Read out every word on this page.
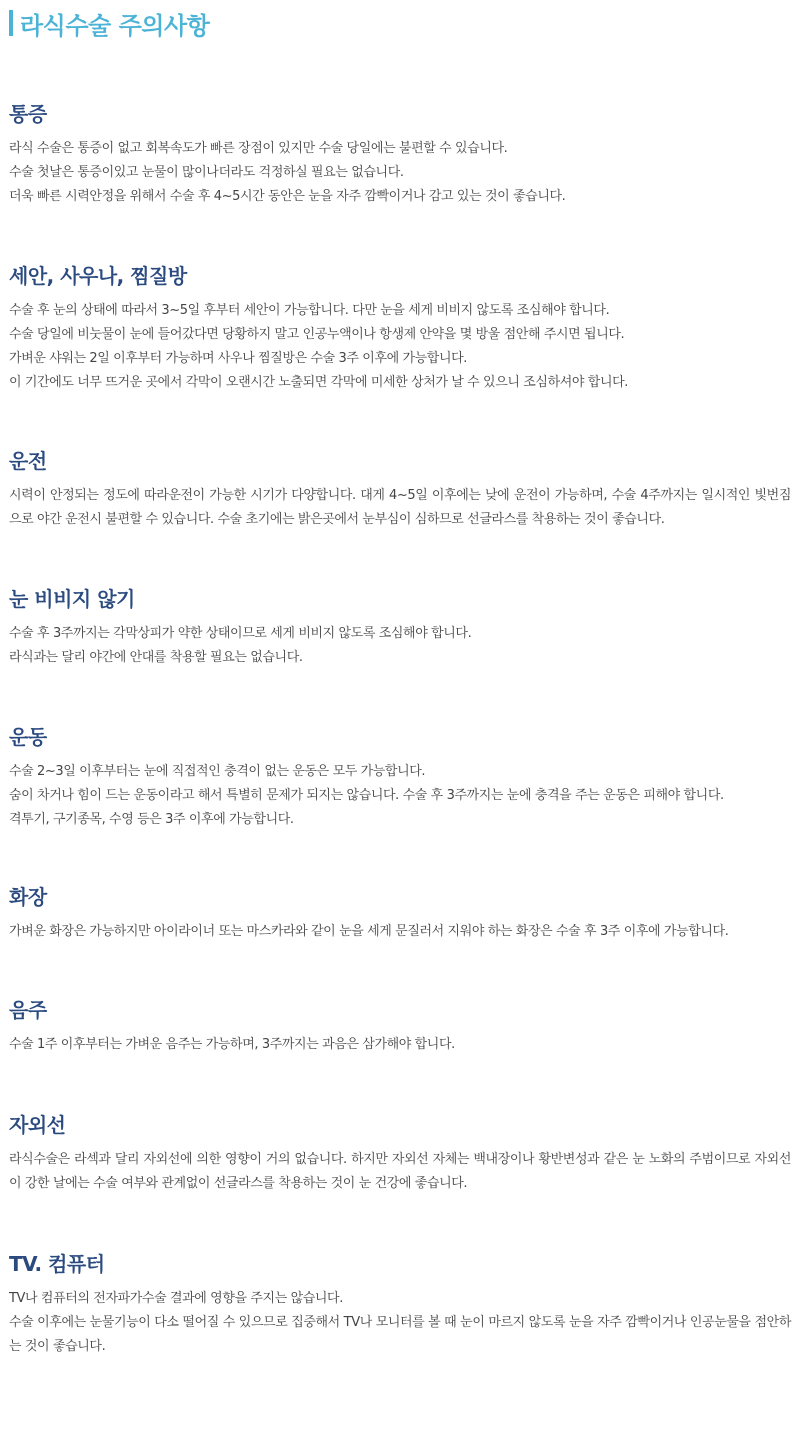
라식수술 주의사항
통증

라식 수술은 통증이 없고 회복속도가 빠른 장점이 있지만 수술 당일에는 불편할 수 있습니다.

수술 첫날은 통증이있고 눈물이 많이나더라도 걱정하실 필요는 없습니다.

더욱 빠른 시력안정을 위해서 수술 후 4~5시간 동안은 눈을 자주 깜빡이거나 감고 있는 것이 좋습니다.

세안, 사우나, 찜질방

수술 후 눈의 상태에 따라서 3~5일 후부터 세안이 가능합니다. 다만 눈을 세게 비비지 않도록 조심해야 합니다.

수술 당일에 비눗물이 눈에 들어갔다면 당황하지 말고 인공누액이나 항생제 안약을 몇 방울 점안해 주시면 됩니다.

가벼운 샤워는 2일 이후부터 가능하며 사우나 찜질방은 수술 3주 이후에 가능합니다.

이 기간에도 너무 뜨거운 곳에서 각막이 오랜시간 노출되면 각막에 미세한 상처가 날 수 있으니 조심하셔야 합니다.

운전

시력이 안정되는 정도에 따라운전이 가능한 시기가 다양합니다. 대게 4~5일 이후에는 낮에 운전이 가능하며, 수술 4주까지는 일시적인 빛번짐으로 야간 운전시 불편할 수 있습니다. 수술 초기에는 밝은곳에서 눈부심이 심하므로 선글라스를 착용하는 것이 좋습니다.

눈 비비지 않기

수술 후 3주까지는 각막상피가 약한 상태이므로 세게 비비지 않도록 조심해야 합니다.

라식과는 달리 야간에 안대를 착용할 필요는 없습니다.

운동

수술 2~3일 이후부터는 눈에 직접적인 충격이 없는 운동은 모두 가능합니다.

숨이 차거나 힘이 드는 운동이라고 해서 특별히 문제가 되지는 않습니다. 수술 후 3주까지는 눈에 충격을 주는 운동은 피해야 합니다.

격투기, 구기종목, 수영 등은 3주 이후에 가능합니다.

화장

가벼운 화장은 가능하지만 아이라이너 또는 마스카라와 같이 눈을 세게 문질러서 지워야 하는 화장은 수술 후 3주 이후에 가능합니다.

음주

수술 1주 이후부터는 가벼운 음주는 가능하며, 3주까지는 과음은 삼가해야 합니다.

자외선

라식수술은 라섹과 달리 자외선에 의한 영향이 거의 없습니다. 하지만 자외선 자체는 백내장이나 황반변성과 같은 눈 노화의 주범이므로 자외선이 강한 날에는 수술 여부와 관계없이 선글라스를 착용하는 것이 눈 건강에 좋습니다.

TV. 컴퓨터

TV나 컴퓨터의 전자파가수술 결과에 영향을 주지는 않습니다.

수술 이후에는 눈물기능이 다소 떨어질 수 있으므로 집중해서 TV나 모니터를 볼 때 눈이 마르지 않도록 눈을 자주 깜빡이거나 인공눈물을 점안하는 것이 좋습니다.
